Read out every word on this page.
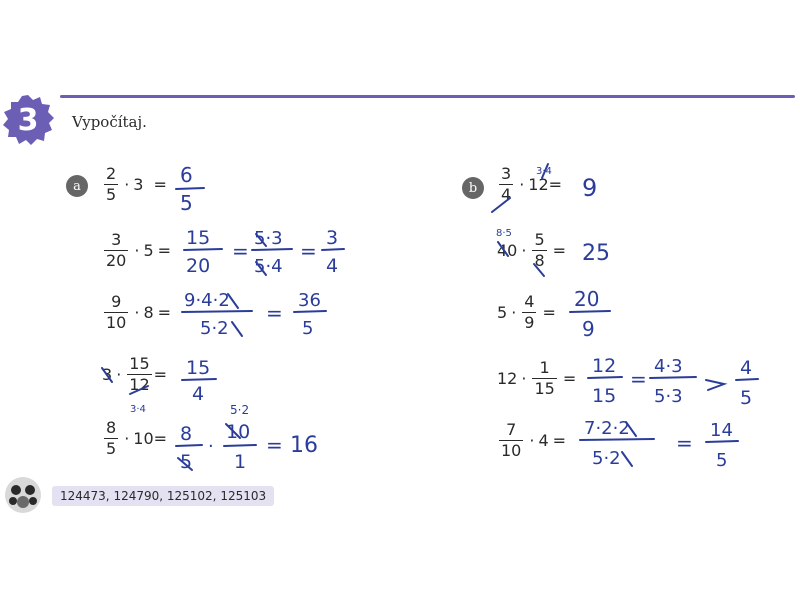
3	Vypočítaj.
a	$\frac{2}{5} \cdot 3 = 6$
5
$\frac{3}{20} \cdot 5$ =
15
20
=
5·3
5·4
=
3
4
$\frac{9}{10} \cdot 8$ =
9·4·2
5·2
=
36
5
$3 \cdot \frac{15}{12}$ =
3·4
15
4
$\frac{8}{5} \cdot 10 = 8$
5
·
5·2
10
1
= 16
b	$\frac{3}{4} \cdot 12$ =
3·4
9
$40 \cdot \frac{5}{8}$ =
8·5
25
$5 \cdot \frac{4}{9}$ =
20
9
$12 \cdot \frac{1}{15}$ =
12
15
=
4·3
5·3
4
5
$\frac{7}{10} \cdot 4$ =
7·2·2
5·2
=
14
5
124473, 124790, 125102, 125103
